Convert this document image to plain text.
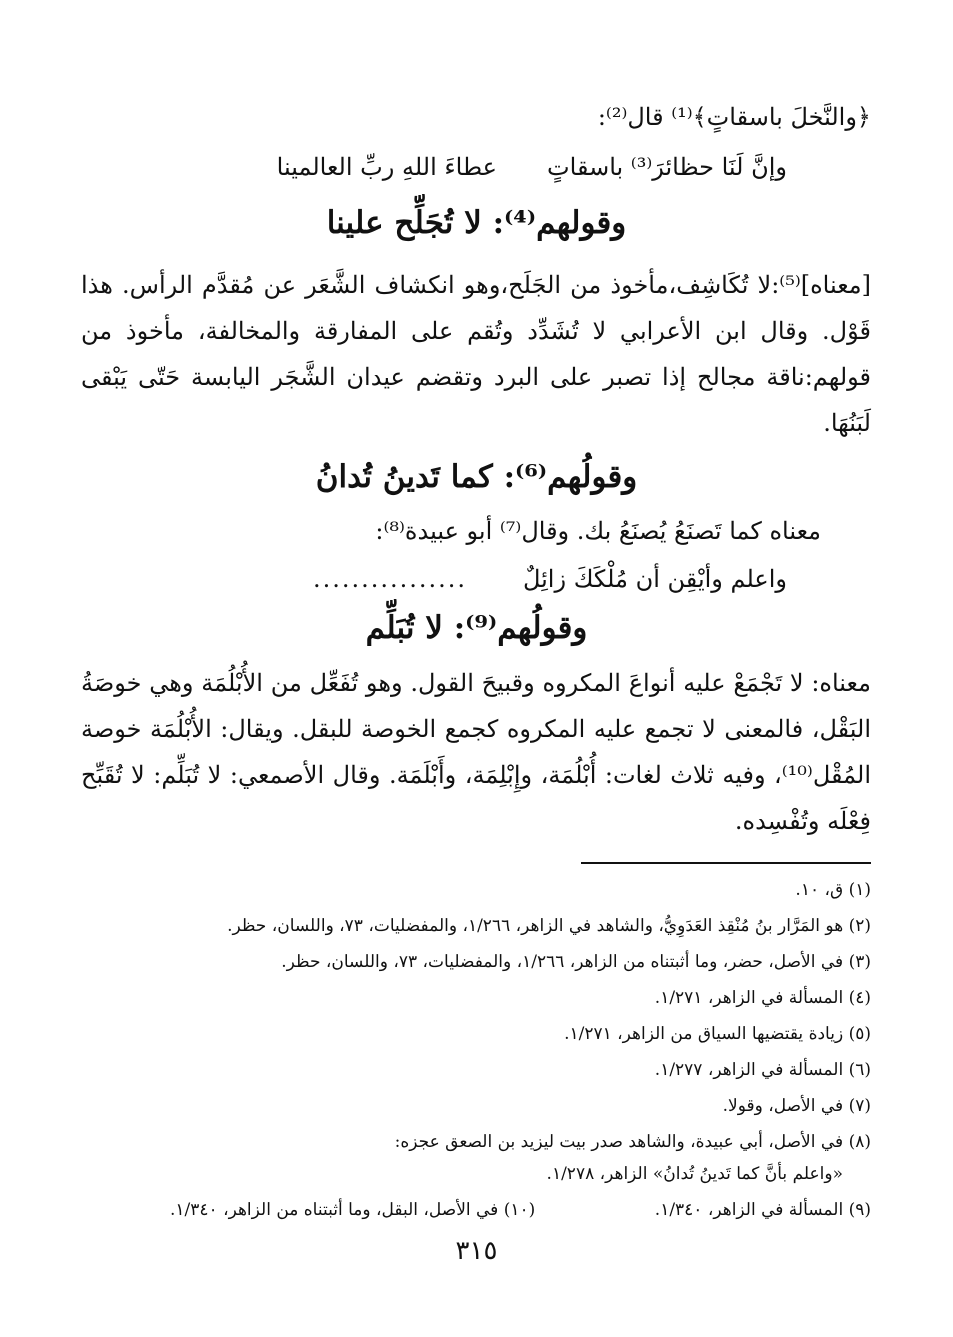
﴿والنَّخلَ باسقاتٍ﴾⁽¹⁾ قال⁽²⁾:
وإنَّ لَنَا حظائرَ⁽³⁾ باسقاتٍ
عطاءَ اللهِ ربِّ العالمينا
وقولهم⁽⁴⁾: لا تُجَلِّح علينا
[معناه]⁽⁵⁾:لا تُكَاشِف،مأخوذ من الجَلَح،وهو انكشاف الشَّعَر عن مُقدَّم الرأس. هذا قَوْل. وقال ابن الأعرابي لا تُشَدِّد وتُقم على المفارقة والمخالفة، مأخوذ من قولهم:ناقة مجالح إذا تصبر على البرد وتقضم عيدان الشَّجَر اليابسة حَتّى يَبْقى لَبَنُهَا.
وقولُهم⁽⁶⁾: كما تَدينُ تُدانُ
معناه كما تَصنَعُ يُصنَعُ بك. وقال⁽⁷⁾ أبو عبيدة⁽⁸⁾:
واعلم وأيْقِن أن مُلْكَكَ زائِلٌ
................
وقولُهم⁽⁹⁾: لا تُبَلِّم
معناه: لا تَجْمَعْ عليه أنواعَ المكروه وقبيحَ القول. وهو تُفَعِّل من الأُبْلُمَة وهي خوصَةُ البَقْل، فالمعنى لا تجمع عليه المكروه كجمع الخوصة للبقل. ويقال: الأُبْلُمَة خوصة المُقْل⁽¹⁰⁾، وفيه ثلاث لغات: أُبْلُمَة، وإِبْلِمَة، وأَبْلَمَة. وقال الأصمعي: لا تُبَلِّم: لا تُقَبِّح فِعْلَه وتُفْسِده.
(١) ق، ١٠.
(٢) هو المَرَّار بنُ مُنْقِذ العَدَوِيُّ، والشاهد في الزاهر، ١/٢٦٦، والمفضليات، ٧٣، واللسان، حظر.
(٣) في الأصل، حضر، وما أثبتناه من الزاهر، ١/٢٦٦، والمفضليات، ٧٣، واللسان، حظر.
(٤) المسألة في الزاهر، ١/٢٧١.
(٥) زيادة يقتضيها السياق من الزاهر، ١/٢٧١.
(٦) المسألة في الزاهر، ١/٢٧٧.
(٧) في الأصل، وقولا.
(٨) في الأصل، أبي عبيدة، والشاهد صدر بيت ليزيد بن الصعق عجزه:
«واعلم بأنَّ كما تَدينُ تُدانُ» الزاهر، ١/٢٧٨.
(٩) المسألة في الزاهر، ١/٣٤٠.
(١٠) في الأصل، البقل، وما أثبتناه من الزاهر، ١/٣٤٠.
٣١٥
